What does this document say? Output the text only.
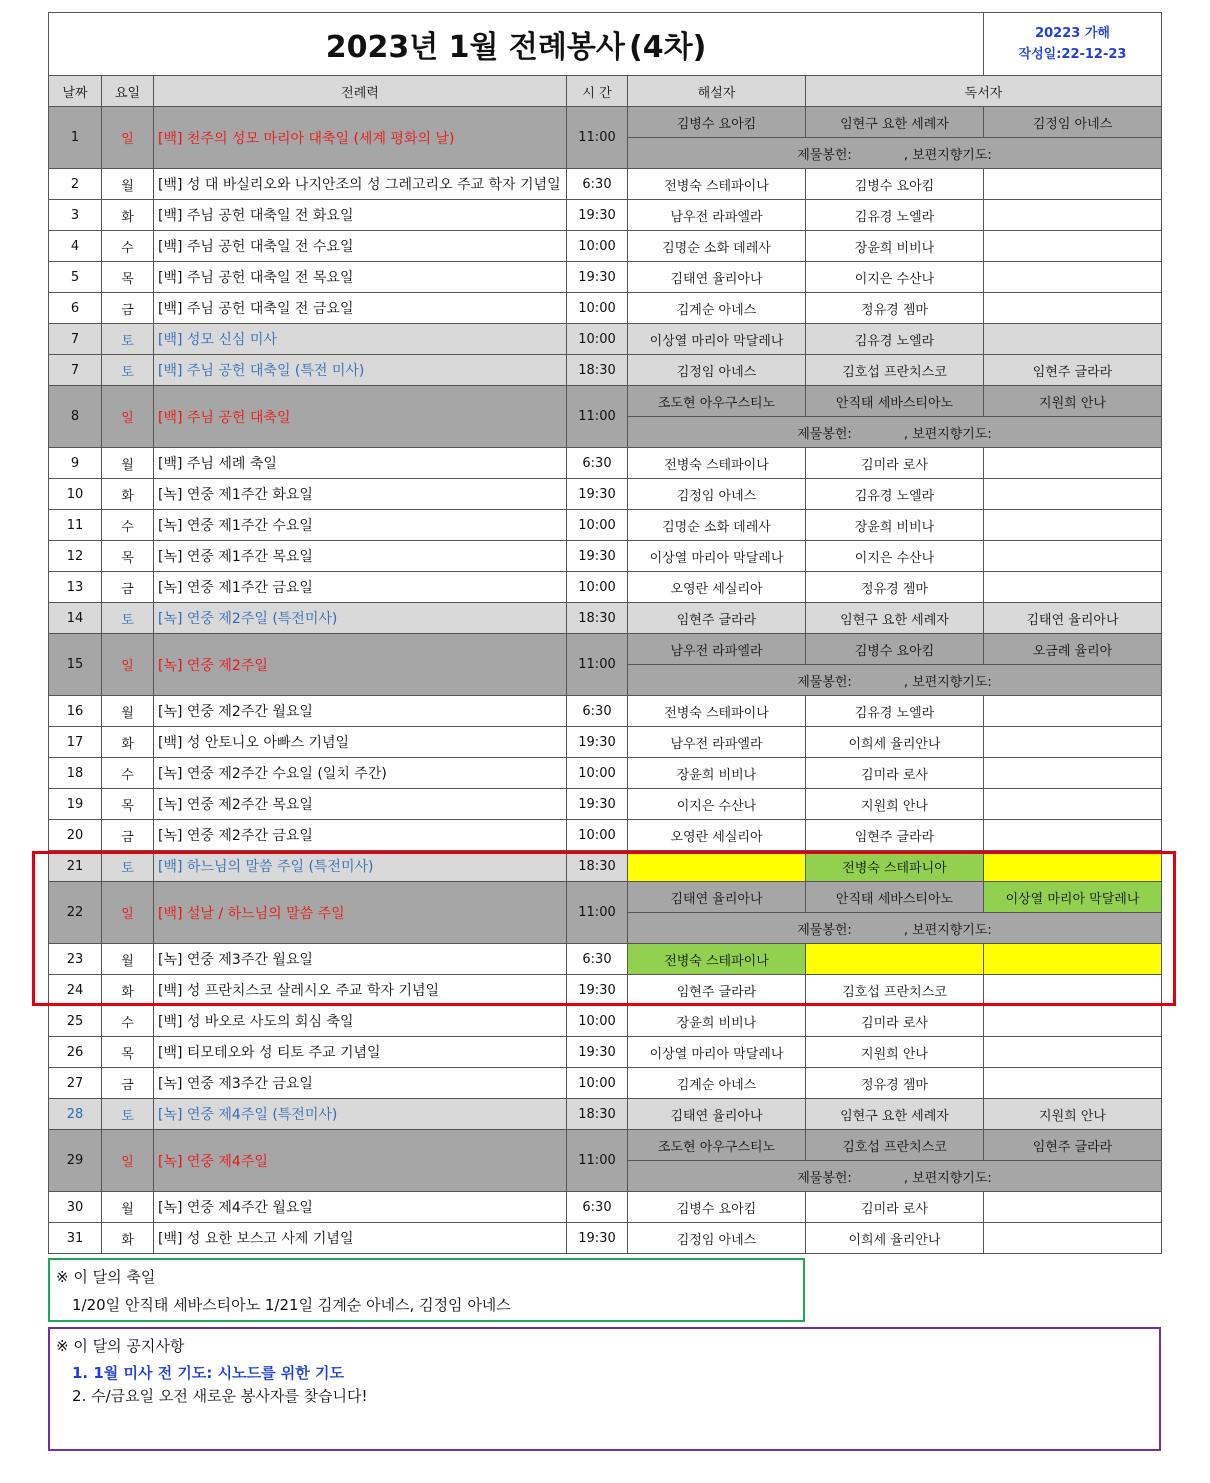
2023년 1월 전례봉사 (4차)						20223 가해
작성일:22-12-23

날짜	요일	전례력	시 간	해설자	독서자	
1	일	[백] 천주의 성모 마리아 대축일 (세계 평화의 날)	11:00	김병수 요아킴	임현구 요한 세례자	김정임 아네스
				제물봉헌: , 보편지향기도:		
2	월	[백] 성 대 바실리오와 나지안조의 성 그레고리오 주교 학자 기념일	6:30	전병숙 스테파이나	김병수 요아킴	
3	화	[백] 주님 공헌 대축일 전 화요일	19:30	남우전 라파엘라	김유경 노엘라	
4	수	[백] 주님 공헌 대축일 전 수요일	10:00	김명순 소화 데레사	장윤희 비비나	
5	목	[백] 주님 공헌 대축일 전 목요일	19:30	김태연 율리아나	이지은 수산나	
6	금	[백] 주님 공헌 대축일 전 금요일	10:00	김계순 아네스	정유경 젬마	
7	토	[백] 성모 신심 미사	10:00	이상열 마리아 막달레나	김유경 노엘라	
7	토	[백] 주님 공헌 대축일 (특전 미사)	18:30	김정임 아네스	김호섭 프란치스코	임현주 글라라
8	일	[백] 주님 공헌 대축일	11:00	조도현 아우구스티노	안직태 세바스티아노	지원희 안나
				제물봉헌: , 보편지향기도:		
9	월	[백] 주님 세례 축일	6:30	전병숙 스테파이나	김미라 로사	
10	화	[녹] 연중 제1주간 화요일	19:30	김정임 아네스	김유경 노엘라	
11	수	[녹] 연중 제1주간 수요일	10:00	김명순 소화 데레사	장윤희 비비나	
12	목	[녹] 연중 제1주간 목요일	19:30	이상열 마리아 막달레나	이지은 수산나	
13	금	[녹] 연중 제1주간 금요일	10:00	오영란 세실리아	정유경 젬마	
14	토	[녹] 연중 제2주일 (특전미사)	18:30	임현주 글라라	임현구 요한 세례자	김태연 율리아나
15	일	[녹] 연중 제2주일	11:00	남우전 라파엘라	김병수 요아킴	오금례 율리아
				제물봉헌: , 보편지향기도:		
16	월	[녹] 연중 제2주간 월요일	6:30	전병숙 스테파이나	김유경 노엘라	
17	화	[백] 성 안토니오 아빠스 기념일	19:30	남우전 라파엘라	이희세 율리안나	
18	수	[녹] 연중 제2주간 수요일 (일치 주간)	10:00	장윤희 비비나	김미라 로사	
19	목	[녹] 연중 제2주간 목요일	19:30	이지은 수산나	지원희 안나	
20	금	[녹] 연중 제2주간 금요일	10:00	오영란 세실리아	임현주 글라라	
21	토	[백] 하느님의 말씀 주일 (특전미사)	18:30		전병숙 스테파니아	
22	일	[백] 설날 / 하느님의 말씀 주일	11:00	김태연 율리아나	안직태 세바스티아노	이상열 마리아 막달레나
				제물봉헌: , 보편지향기도:		
23	월	[녹] 연중 제3주간 월요일	6:30	전병숙 스테파이나		
24	화	[백] 성 프란치스코 살레시오 주교 학자 기념일	19:30	임현주 글라라	김호섭 프란치스코	
25	수	[백] 성 바오로 사도의 회심 축일	10:00	장윤희 비비나	김미라 로사	
26	목	[백] 티모테오와 성 티토 주교 기념일	19:30	이상열 마리아 막달레나	지원희 안나	
27	금	[녹] 연중 제3주간 금요일	10:00	김계순 아네스	정유경 젬마	
28	토	[녹] 연중 제4주일 (특전미사)	18:30	김태연 율리아나	임현구 요한 세례자	지원희 안나
29	일	[녹] 연중 제4주일	11:00	조도현 아우구스티노	김호섭 프란치스코	임현주 글라라
				제물봉헌: , 보편지향기도:		
30	월	[녹] 연중 제4주간 월요일	6:30	김병수 요아킴	김미라 로사	
31	화	[백] 성 요한 보스고 사제 기념일	19:30	김정임 아네스	이희세 율리안나	
※ 이 달의 축일
1/20일 안직태 세바스티아노 1/21일 김계순 아네스, 김정임 아네스
※ 이 달의 공지사항
1. 1월 미사 전 기도: 시노드를 위한 기도
2. 수/금요일 오전 새로운 봉사자를 찾습니다!
